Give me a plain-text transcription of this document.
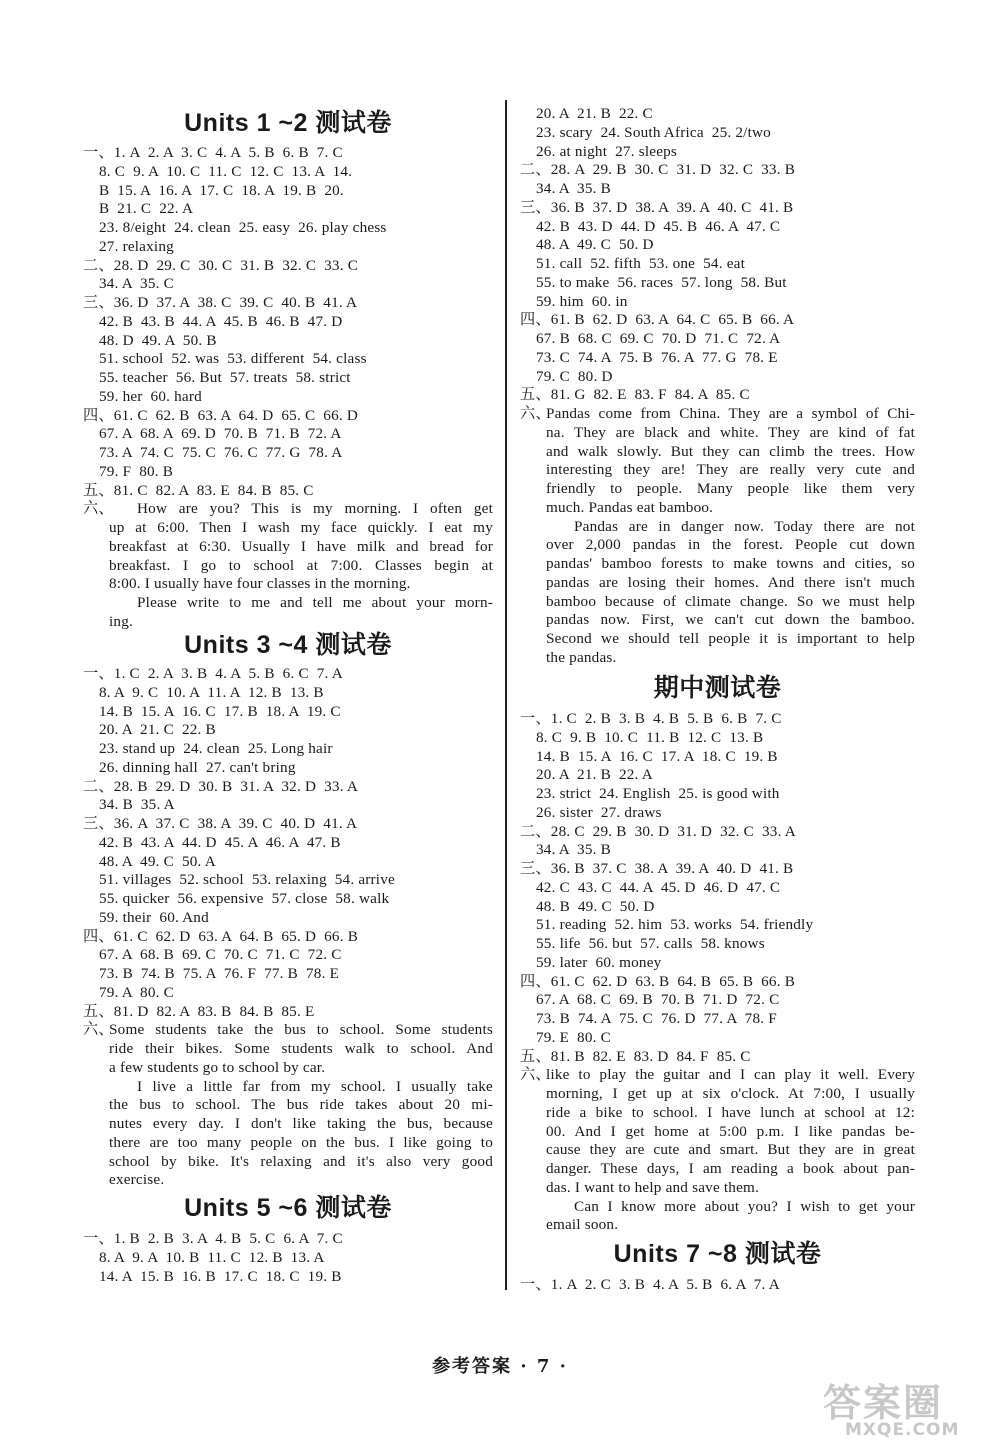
Units 1 ~2 测试卷
一、1. A  2. A  3. C  4. A  5. B  6. B  7. C
8. C  9. A  10. C  11. C  12. C  13. A  14.
B  15. A  16. A  17. C  18. A  19. B  20.
B  21. C  22. A
23. 8/eight  24. clean  25. easy  26. play chess
27. relaxing
二、28. D  29. C  30. C  31. B  32. C  33. C
34. A  35. C
三、36. D  37. A  38. C  39. C  40. B  41. A
42. B  43. B  44. A  45. B  46. B  47. D
48. D  49. A  50. B
51. school  52. was  53. different  54. class
55. teacher  56. But  57. treats  58. strict
59. her  60. hard
四、61. C  62. B  63. A  64. D  65. C  66. D
67. A  68. A  69. D  70. B  71. B  72. A
73. A  74. C  75. C  76. C  77. G  78. A
79. F  80. B
五、81. C  82. A  83. E  84. B  85. C
六、 How are you? This is my morning. I often get
up at 6:00. Then I wash my face quickly. I eat my
breakfast at 6:30. Usually I have milk and bread for
breakfast. I go to school at 7:00. Classes begin at
8:00. I usually have four classes in the morning.
Please write to me and tell me about your morn-
ing.
Units 3 ~4 测试卷
一、1. C  2. A  3. B  4. A  5. B  6. C  7. A
8. A  9. C  10. A  11. A  12. B  13. B
14. B  15. A  16. C  17. B  18. A  19. C
20. A  21. C  22. B
23. stand up  24. clean  25. Long hair
26. dinning hall  27. can't bring
二、28. B  29. D  30. B  31. A  32. D  33. A
34. B  35. A
三、36. A  37. C  38. A  39. C  40. D  41. A
42. B  43. A  44. D  45. A  46. A  47. B
48. A  49. C  50. A
51. villages  52. school  53. relaxing  54. arrive
55. quicker  56. expensive  57. close  58. walk
59. their  60. And
四、61. C  62. D  63. A  64. B  65. D  66. B
67. A  68. B  69. C  70. C  71. C  72. C
73. B  74. B  75. A  76. F  77. B  78. E
79. A  80. C
五、81. D  82. A  83. B  84. B  85. E
六、
Some students take the bus to school. Some students
ride their bikes. Some students walk to school. And
a few students go to school by car.
I live a little far from my school. I usually take
the bus to school. The bus ride takes about 20 mi-
nutes every day. I don't like taking the bus, because
there are too many people on the bus. I like going to
school by bike. It's relaxing and it's also very good
exercise.
Units 5 ~6 测试卷
一、1. B  2. B  3. A  4. B  5. C  6. A  7. C
8. A  9. A  10. B  11. C  12. B  13. A
14. A  15. B  16. B  17. C  18. C  19. B
20. A  21. B  22. C
23. scary  24. South Africa  25. 2/two
26. at night  27. sleeps
二、28. A  29. B  30. C  31. D  32. C  33. B
34. A  35. B
三、36. B  37. D  38. A  39. A  40. C  41. B
42. B  43. D  44. D  45. B  46. A  47. C
48. A  49. C  50. D
51. call  52. fifth  53. one  54. eat
55. to make  56. races  57. long  58. But
59. him  60. in
四、61. B  62. D  63. A  64. C  65. B  66. A
67. B  68. C  69. C  70. D  71. C  72. A
73. C  74. A  75. B  76. A  77. G  78. E
79. C  80. D
五、81. G  82. E  83. F  84. A  85. C
六、
Pandas come from China. They are a symbol of Chi-
na. They are black and white. They are kind of fat
and walk slowly. But they can climb the trees. How
interesting they are! They are really very cute and
friendly to people. Many people like them very
much. Pandas eat bamboo.
Pandas are in danger now. Today there are not
over 2,000 pandas in the forest. People cut down
pandas' bamboo forests to make towns and cities, so
pandas are losing their homes. And there isn't much
bamboo because of climate change. So we must help
pandas now. First, we can't cut down the bamboo.
Second we should tell people it is important to help
the pandas.
期中测试卷
一、1. C  2. B  3. B  4. B  5. B  6. B  7. C
8. C  9. B  10. C  11. B  12. C  13. B
14. B  15. A  16. C  17. A  18. C  19. B
20. A  21. B  22. A
23. strict  24. English  25. is good with
26. sister  27. draws
二、28. C  29. B  30. D  31. D  32. C  33. A
34. A  35. B
三、36. B  37. C  38. A  39. A  40. D  41. B
42. C  43. C  44. A  45. D  46. D  47. C
48. B  49. C  50. D
51. reading  52. him  53. works  54. friendly
55. life  56. but  57. calls  58. knows
59. later  60. money
四、61. C  62. D  63. B  64. B  65. B  66. B
67. A  68. C  69. B  70. B  71. D  72. C
73. B  74. A  75. C  76. D  77. A  78. F
79. E  80. C
五、81. B  82. E  83. D  84. F  85. C
六、
like to play the guitar and I can play it well. Every
morning, I get up at six o'clock. At 7:00, I usually
ride a bike to school. I have lunch at school at 12:
00. And I get home at 5:00 p.m. I like pandas be-
cause they are cute and smart. But they are in great
danger. These days, I am reading a book about pan-
das. I want to help and save them.
Can I know more about you? I wish to get your
email soon.
Units 7 ~8 测试卷
一、1. A  2. C  3. B  4. A  5. B  6. A  7. A
参考答案 · 7 ·
答案圈
MXQE.COM
